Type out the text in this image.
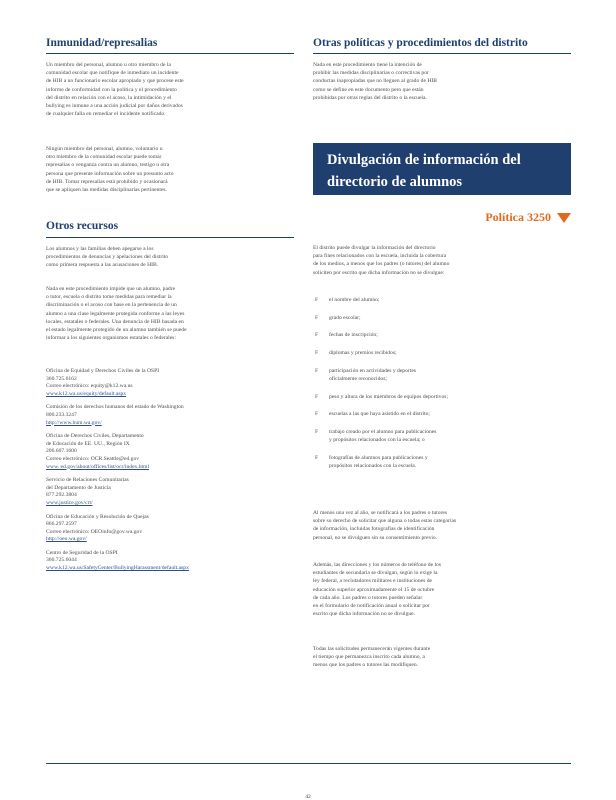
Inmunidad/represalias
Un miembro del personal, alumno u otro miembro de la
comunidad escolar que notifique de inmediato un incidente
de HIB a un funcionario escolar apropiado y que procese este
informe de conformidad con la política y el procedimiento
del distrito en relación con el acoso, la intimidación y el
bullying es inmune a una acción judicial por daños derivados
de cualquier falla en remediar el incidente notificado.
Ningún miembro del personal, alumno, voluntario u
otro miembro de la comunidad escolar puede tomar
represalias o venganza contra un alumno, testigo u otra
persona que presente información sobre un presunto acto
de HIB. Tomar represalias está prohibido y ocasionará
que se apliquen las medidas disciplinarias pertinentes.
Otros recursos
Los alumnos y las familias deben apegarse a los
procedimientos de denuncias y apelaciones del distrito
como primera respuesta a las acusaciones de HIB.
Nada en este procedimiento impide que un alumno, padre
o tutor, escuela o distrito tome medidas para remediar la
discriminación o el acoso con base en la pertenencia de un
alumno a una clase legalmente protegida conforme a las leyes
locales, estatales o federales. Una denuncia de HIB basada en
el estado legalmente protegido de un alumno también se puede
informar a los siguientes organismos estatales o federales:
Oficina de Equidad y Derechos Civiles de la OSPI
360.725.6162
Correo electrónico: equity@k12.wa.us
www.k12.wa.us/equity/default.aspx
Comisión de los derechos humanos del estado de Washington
800.233.3247
http://www.hum.wa.gov/
Oficina de Derechos Civiles, Departamento
de Educación de EE. UU., Región IX
206.607.1600
Correo electrónico: OCR.Seattle@ed.gov
www. ed.gov/about/offices/list/ocr/index.html
Servicio de Relaciones Comunitarias
del Departamento de Justicia
877.292.3804
www.justice.gov/crt/
Oficina de Educación y Resolución de Quejas
866.297.2597
Correo electrónico: OEOinfo@gov.wa.gov
http://oeo.wa.gov/
Centro de Seguridad de la OSPI
360.725.6044
www.k12.wa.us/SafetyCenter/BullyingHarassment/default.aspx
Otras políticas y procedimientos del distrito
Nada en este procedimiento tiene la intención de
prohibir las medidas disciplinarias o correctivas por
conductas inapropiadas que no lleguen al grado de HIB
como se define en este documento pero que están
prohibidas por otras reglas del distrito o la escuela.
Divulgación de información del
directorio de alumnos
Política 3250
El distrito puede divulgar la información del directorio
para fines relacionados con la escuela, incluida la cobertura
de los medios, a menos que los padres (o tutores) del alumno
soliciten por escrito que dicha información no se divulgue:
F el nombre del alumno;
F grado escolar;
F fechas de inscripción;
F diplomas y premios recibidos;
F participación en actividades y deportes
oficialmente reconocidos;
F peso y altura de los miembros de equipos deportivos;
F escuelas a las que haya asistido en el distrito;
F trabajo creado por el alumno para publicaciones
y propósitos relacionados con la escuela; o
F fotografías de alumnos para publicaciones y
propósitos relacionados con la escuela.
Al menos una vez al año, se notificará a los padres o tutores
sobre su derecho de solicitar que alguna o todas estas categorías
de información, incluidas fotografías de identificación
personal, no se divulguen sin su consentimiento previo.
Además, las direcciones y los números de teléfono de los
estudiantes de secundaria se divulgan, según lo exige la
ley federal, a reclutadores militares e instituciones de
educación superior aproximadamente el 15 de octubre
de cada año. Los padres o tutores pueden señalar
en el formulario de notificación anual o solicitar por
escrito que dicha información no se divulgue.
Todas las solicitudes permanecerán vigentes durante
el tiempo que permanezca inscrito cada alumno, a
menos que los padres o tutores las modifiquen.
42
